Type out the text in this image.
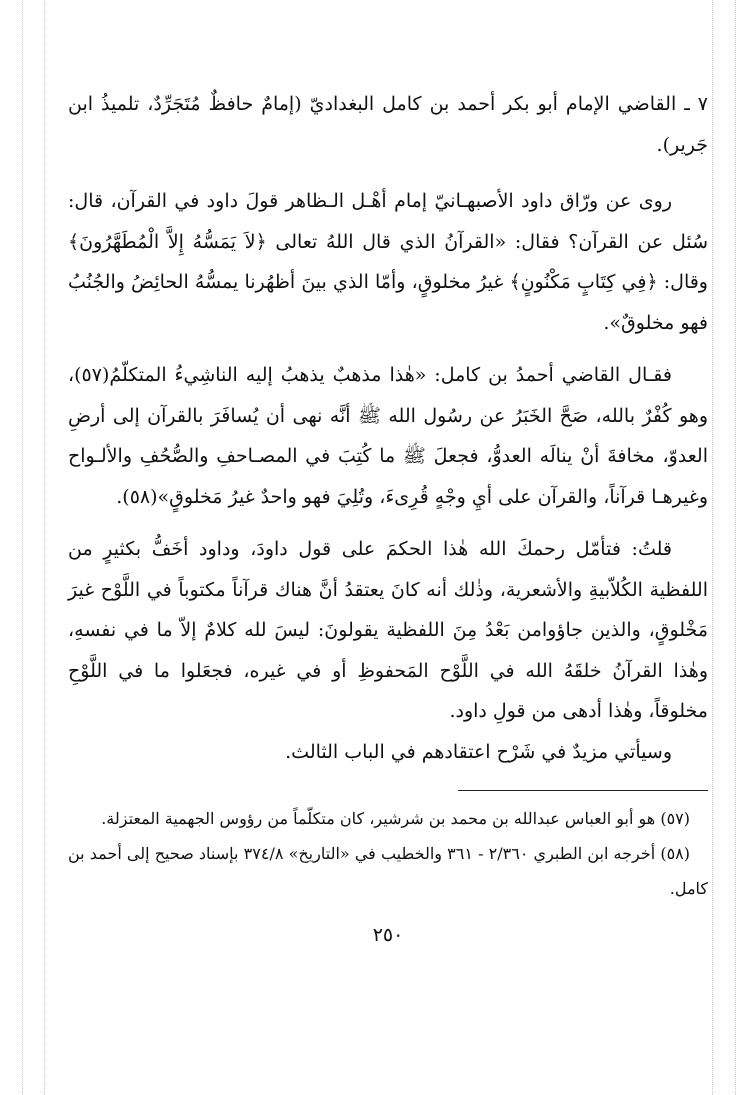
٧ ـ القاضي الإمام أبو بكر أحمد بن كامل البغداديّ (إمامٌ حافظٌ مُتَجَرِّدٌ، تلميذُ ابن جَرير).

روى عن ورّاق داود الأصبهـانيّ إمام أهْـل الـظاهر قولَ داود في القرآن، قال: سُئل عن القرآن؟ فقال: «القرآنُ الذي قال اللهُ تعالى ﴿لاَ يَمَسُّهُ إِلاَّ الْمُطَهَّرُونَ﴾ وقال: ﴿فِي كِتَابٍ مَكْنُونٍ﴾ غيرُ مخلوقٍ، وأمّا الذي بينَ أظهُرنا يمسُّهُ الحائِضُ والجُنُبُ فهو مخلوقٌ».

فقـال القاضي أحمدُ بن كامل: «هٰذا مذهبٌ يذهبُ إليه الناشِيءُ المتكلّمُ(٥٧)، وهو كُفْرٌ بالله، صَحَّ الخَبَرُ عن رسُول الله ﷺ أنَّه نهى أن يُسافَرَ بالقرآن إلى أرضِ العدوّ، مخافةَ أنْ ينالَه العدوُّ، فجعلَ ﷺ ما كُتِبَ في المصـاحفِ والصُّحُفِ والألـواح وغيرهـا قرآناً، والقرآن على أيِ وجْهٍ قُرِىءَ، وتُلِيَ فهو واحدٌ غيرُ مَخلوقٍ»(٥٨).

قلتُ: فتأمّل رحمكَ الله هٰذا الحكمَ على قول داودَ، وداود أخَفُّ بكثيرٍ من اللفظية الكُلاّبيةِ والأشعرية، وذٰلك أنه كانَ يعتقدُ أنَّ هناك قرآناً مكتوباً في اللَّوْح غيرَ مَخْلوقٍ، والذين جاؤوامن بَعْدُ مِنَ اللفظية يقولونَ: ليسَ لله كلامٌ إلاّ ما في نفسهِ، وهٰذا القرآنُ خلقَهُ الله في اللَّوْح المَحفوظِ أو في غيره، فجعَلوا ما في اللَّوْحِ مخلوقاً، وهٰذا أدهى من قولِ داود.

وسيأتي مزيدٌ في شَرْح اعتقادهم في الباب الثالث.

(٥٧) هو أبو العباس عبدالله بن محمد بن شرشير، كان متكلّماً من رؤوس الجهمية المعتزلة.

(٥٨) أخرجه ابن الطبري ٢/٣٦٠ - ٣٦١ والخطيب في «التاريخ» ٣٧٤/٨ بإسناد صحيح إلى أحمد بن كامل.

٢٥٠
